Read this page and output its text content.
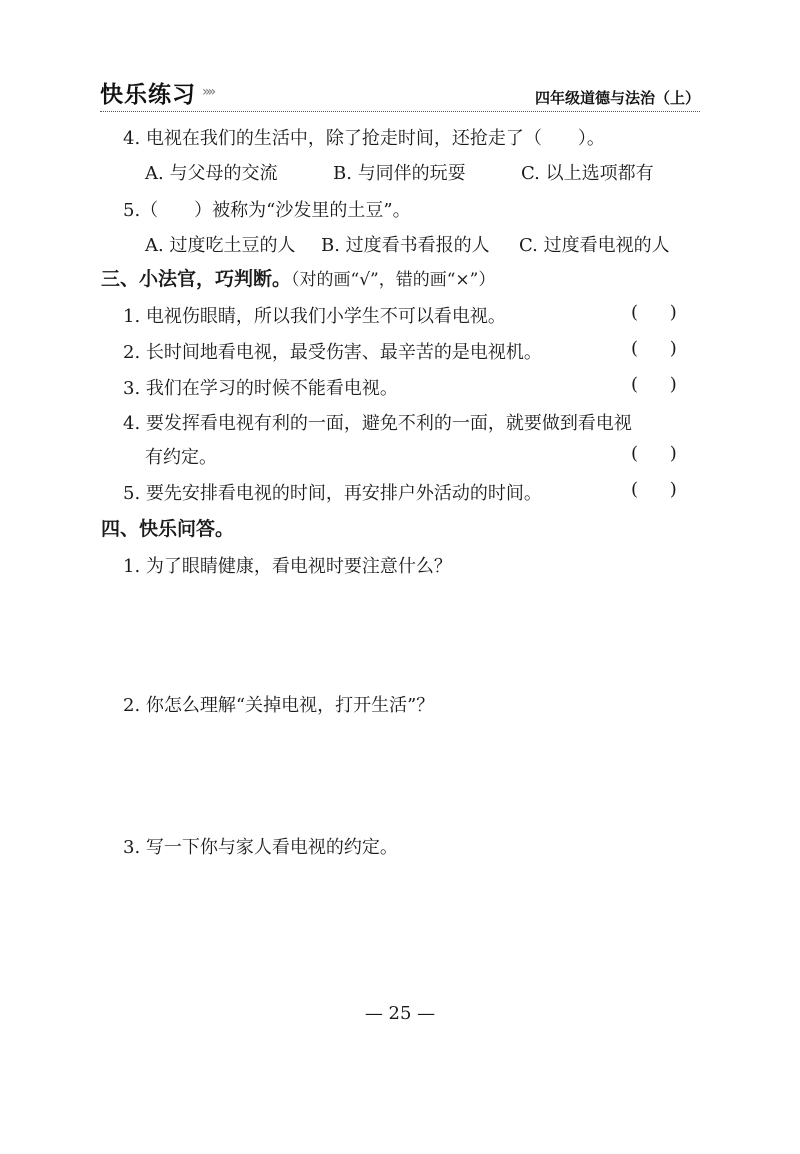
快乐练习 »»	四年级道德与法治（上）
4. 电视在我们的生活中，除了抢走时间，还抢走了（　　）。
A. 与父母的交流	B. 与同伴的玩耍	C. 以上选项都有
5.（　　）被称为“沙发里的土豆”。
A. 过度吃土豆的人 B. 过度看书看报的人 C. 过度看电视的人
三、小法官，巧判断。（对的画“√”，错的画“×”）
1. 电视伤眼睛，所以我们小学生不可以看电视。	( )
2. 长时间地看电视，最受伤害、最辛苦的是电视机。	( )
3. 我们在学习的时候不能看电视。	( )
4. 要发挥看电视有利的一面，避免不利的一面，就要做到看电视
有约定。	( )
5. 要先安排看电视的时间，再安排户外活动的时间。	( )
四、快乐问答。
1. 为了眼睛健康，看电视时要注意什么？
2. 你怎么理解“关掉电视，打开生活”？
3. 写一下你与家人看电视的约定。
— 25 —
